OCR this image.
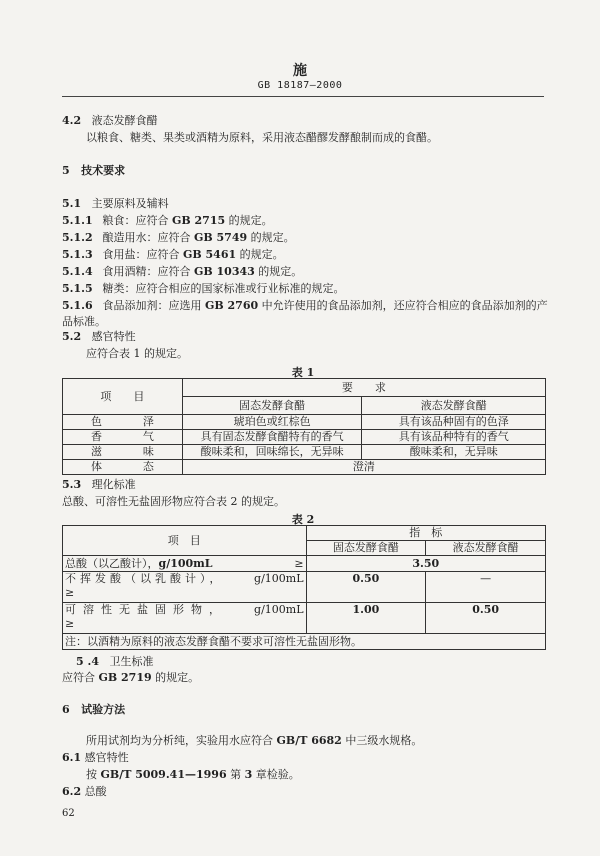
施
GB 18187—2000
4.2 液态发酵食醋
以粮食、糖类、果类或酒精为原料，采用液态醋醪发酵酿制而成的食醋。
5 技术要求
5.1 主要原料及辅料
5.1.1 粮食：应符合 GB 2715 的规定。
5.1.2 酿造用水：应符合 GB 5749 的规定。
5.1.3 食用盐：应符合 GB 5461 的规定。
5.1.4 食用酒精：应符合 GB 10343 的规定。
5.1.5 糖类：应符合相应的国家标准或行业标准的规定。
5.1.6 食品添加剂：应选用 GB 2760 中允许使用的食品添加剂，还应符合相应的食品添加剂的产
品标准。
5.2 感官特性
应符合表 1 的规定。
表 1
项　　目	要　　求	
	固态发酵食醋	液态发酵食醋
色泽	琥珀色或红棕色	具有该品种固有的色泽
香气	具有固态发酵食醋特有的香气	具有该品种特有的香气
滋味	酸味柔和，回味绵长，无异味	酸味柔和，无异味
体态	澄清	
5.3 理化标准
总酸、可溶性无盐固形物应符合表 2 的规定。
表 2
项　目	指　标	
	固态发酵食醋	液态发酵食醋
总酸（以乙酸计），g/100mL ≥	3.50	

不挥发酸（以乳酸计）， g/100mL
≥	0.50	—

可溶性无盐固形物， g/100mL
≥	1.00	0.50
注：以酒精为原料的液态发酵食醋不要求可溶性无盐固形物。		
5 .4 卫生标准
应符合 GB 2719 的规定。
6 试验方法
所用试剂均为分析纯，实验用水应符合 GB/T 6682 中三级水规格。
6.1 感官特性
按 GB/T 5009.41—1996 第 3 章检验。
6.2 总酸
62
